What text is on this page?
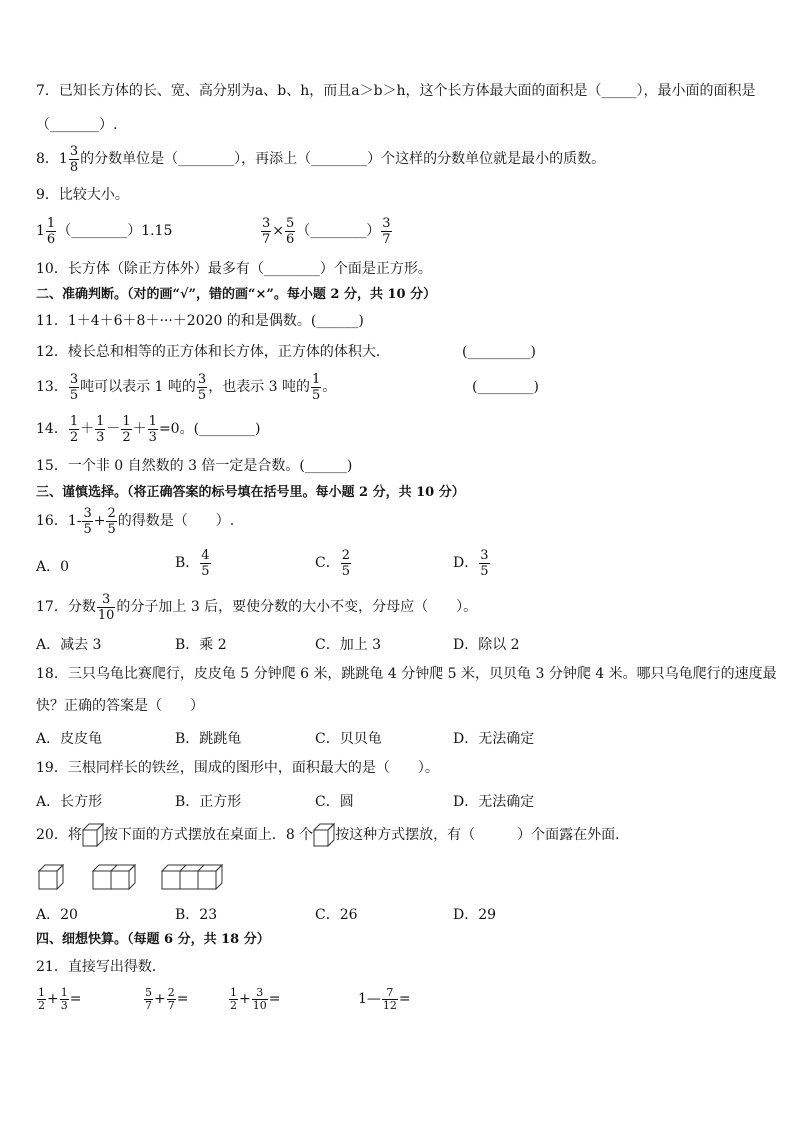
7．已知长方体的长、宽、高分别为a、b、h，而且a＞b＞h，这个长方体最大面的面积是（_____），最小面的面积是
（_______）.
8．$1 \frac{3}{8}$ 的分数单位是（________），再添上（________）个这样的分数单位就是最小的质数。
9．比较大小。
$1 \frac{1}{6}$ （________）1.15	$\frac{3}{7} \times \frac{5}{6}$ （________） $\frac{3}{7}$
10．长方体（除正方体外）最多有（________）个面是正方形。
二、准确判断。（对的画“√”，错的画“×”。每小题 2 分，共 10 分）
11．1＋4＋6＋8＋···＋2020 的和是偶数。(______)
12．棱长总和相等的正方体和长方体，正方体的体积大．	(_________)
13． $\frac{3}{5}$ 吨可以表示 1 吨的 $\frac{3}{5}$ ，也表示 3 吨的 $\frac{1}{5}$ 。	(________)
14． $\frac{1}{2} + \frac{1}{3} - \frac{1}{2} + \frac{1}{3} =0$。(________)
15．一个非 0 自然数的 3 倍一定是合数。(______)
三、谨慎选择。（将正确答案的标号填在括号里。每小题 2 分，共 10 分）
16．$1- \frac{3}{5} + \frac{2}{5}$ 的得数是（　　）.
A．0	B． $\frac{4}{5}$	C． $\frac{2}{5}$	D． $\frac{3}{5}$
17．分数 $\frac{3}{10}$ 的分子加上 3 后，要使分数的大小不变，分母应（　　）。
A．减去 3	B．乘 2	C．加上 3	D．除以 2
18．三只乌龟比赛爬行，皮皮龟 5 分钟爬 6 米，跳跳龟 4 分钟爬 5 米，贝贝龟 3 分钟爬 4 米。哪只乌龟爬行的速度最
快？正确的答案是（　　）
A．皮皮龟	B．跳跳龟	C．贝贝龟	D．无法确定
19．三根同样长的铁丝，围成的图形中，面积最大的是（　　）。
A．长方形	B．正方形	C．圆	D．无法确定
20．将 按下面的方式摆放在桌面上．8 个 按这种方式摆放，有（　　　）个面露在外面．
A．20	B．23	C．26	D．29
四、细想快算。（每题 6 分，共 18 分）
21．直接写出得数．
$\frac{1}{2} + \frac{1}{3}$ =	$\frac{5}{7} + \frac{2}{7}$ =	$\frac{1}{2} + \frac{3}{10}$ =	1— $\frac{7}{12}$ =
